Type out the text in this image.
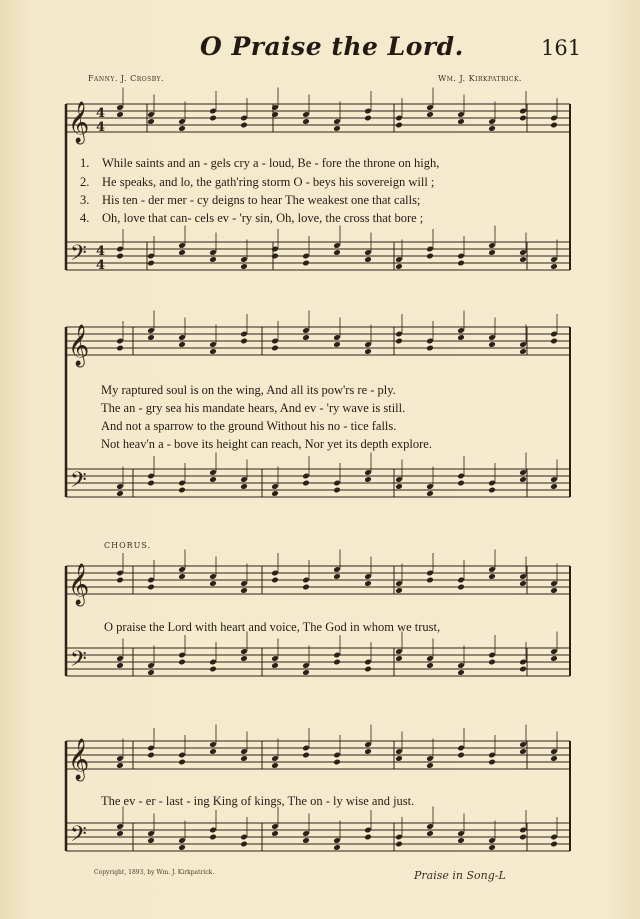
O Praise the Lord.	161
Fanny. J. Crosby.	Wm. J. Kirkpatrick.
𝄞
𝄢
4
4
4
4
𝄞
𝄢
𝄞
𝄢
𝄞
𝄢
1. While saints and an - gels cry a - loud, Be - fore the throne on high,
2. He speaks, and lo, the gath'ring storm O - beys his sovereign will ;
3. His ten - der mer - cy deigns to hear The weakest one that calls;
4. Oh, love that can- cels ev - 'ry sin, Oh, love, the cross that bore ;
My raptured soul is on the wing, And all its pow'rs re - ply.
The an - gry sea his mandate hears, And ev - 'ry wave is still.
And not a sparrow to the ground Without his no - tice falls.
Not heav'n a - bove its height can reach, Nor yet its depth explore.
CHORUS.
O praise the Lord with heart and voice, The God in whom we trust,
The ev - er - last - ing King of kings, The on - ly wise and just.
Copyright, 1893, by Wm. J. Kirkpatrick.	Praise in Song-L
